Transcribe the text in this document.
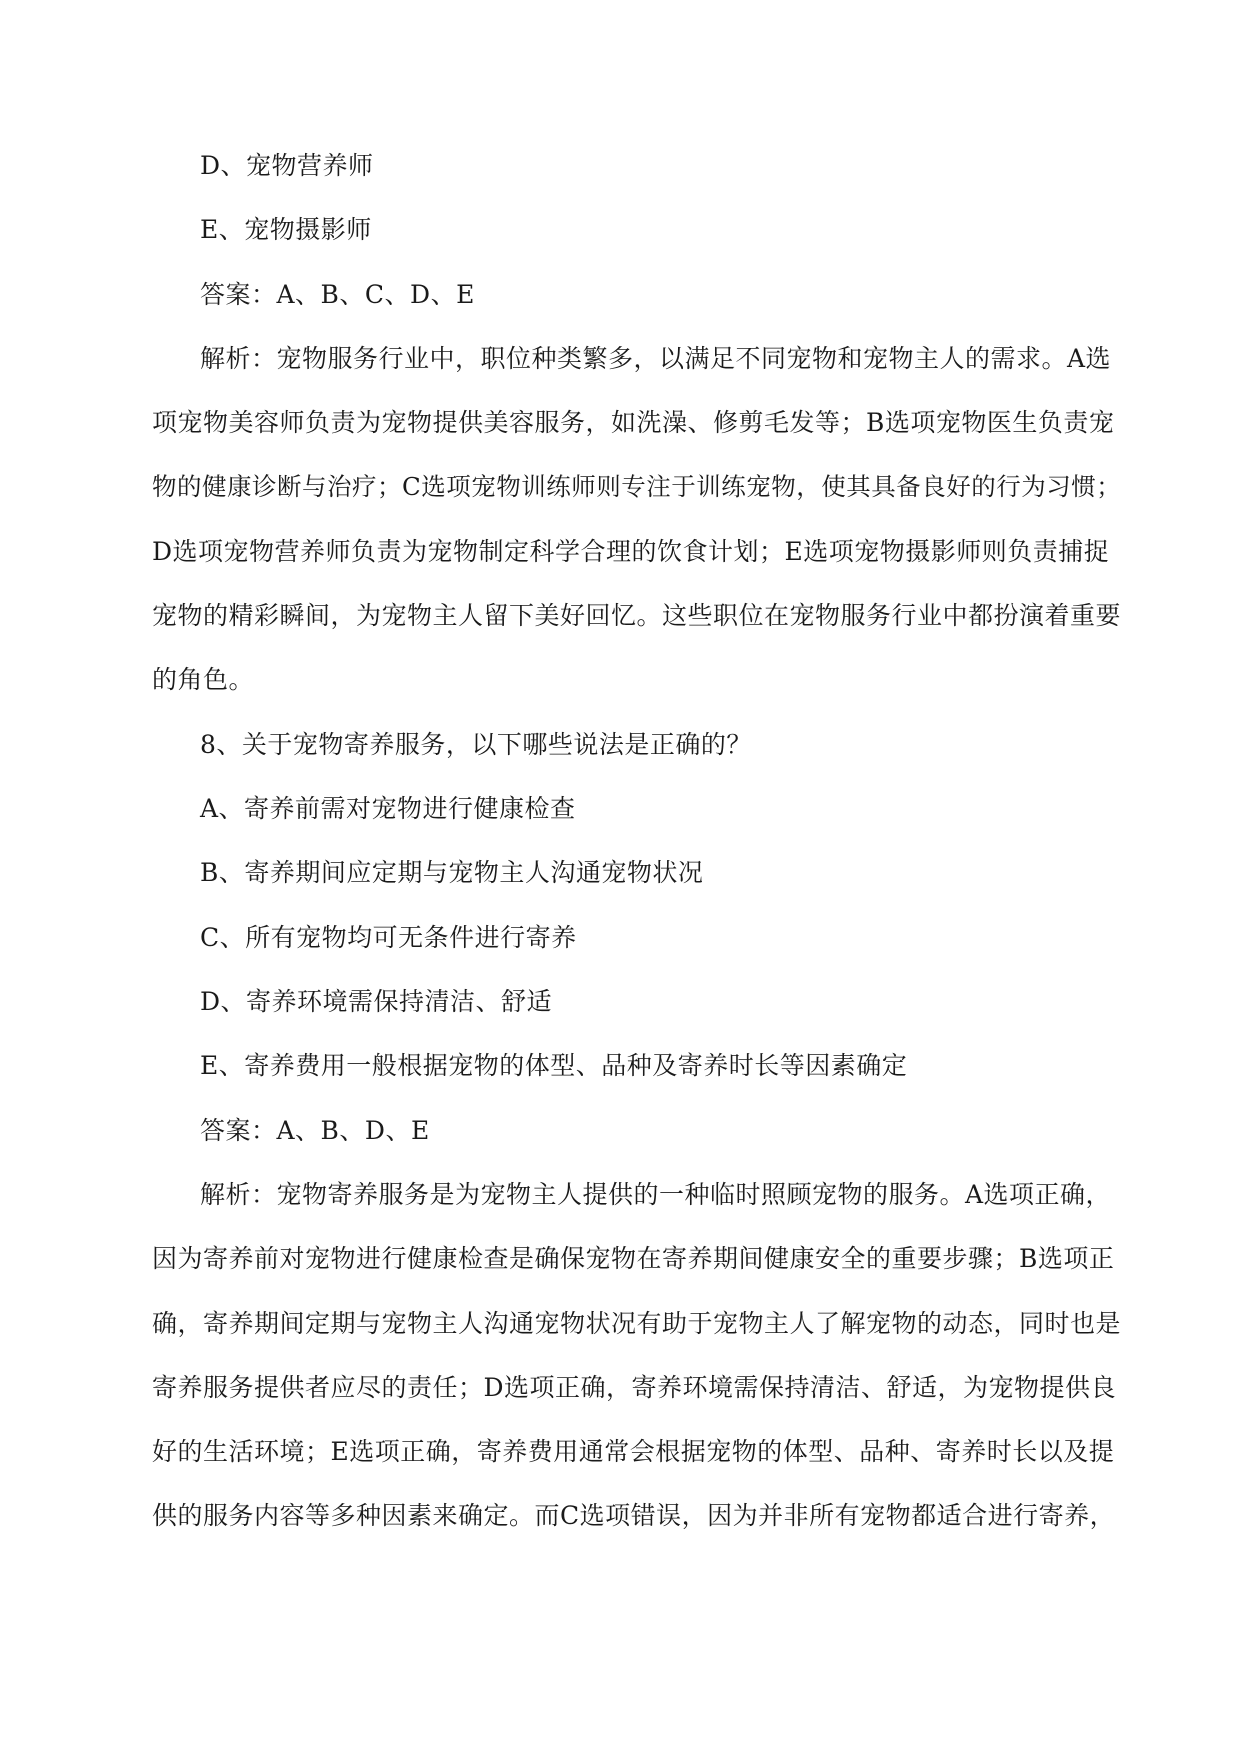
D、宠物营养师
E、宠物摄影师
答案：A、B、C、D、E
解析：宠物服务行业中，职位种类繁多，以满足不同宠物和宠物主人的需求。A选
项宠物美容师负责为宠物提供美容服务，如洗澡、修剪毛发等；B选项宠物医生负责宠
物的健康诊断与治疗；C选项宠物训练师则专注于训练宠物，使其具备良好的行为习惯；
D选项宠物营养师负责为宠物制定科学合理的饮食计划；E选项宠物摄影师则负责捕捉
宠物的精彩瞬间，为宠物主人留下美好回忆。这些职位在宠物服务行业中都扮演着重要
的角色。
8、关于宠物寄养服务，以下哪些说法是正确的？
A、寄养前需对宠物进行健康检查
B、寄养期间应定期与宠物主人沟通宠物状况
C、所有宠物均可无条件进行寄养
D、寄养环境需保持清洁、舒适
E、寄养费用一般根据宠物的体型、品种及寄养时长等因素确定
答案：A、B、D、E
解析：宠物寄养服务是为宠物主人提供的一种临时照顾宠物的服务。A选项正确，
因为寄养前对宠物进行健康检查是确保宠物在寄养期间健康安全的重要步骤；B选项正
确，寄养期间定期与宠物主人沟通宠物状况有助于宠物主人了解宠物的动态，同时也是
寄养服务提供者应尽的责任；D选项正确，寄养环境需保持清洁、舒适，为宠物提供良
好的生活环境；E选项正确，寄养费用通常会根据宠物的体型、品种、寄养时长以及提
供的服务内容等多种因素来确定。而C选项错误，因为并非所有宠物都适合进行寄养，
